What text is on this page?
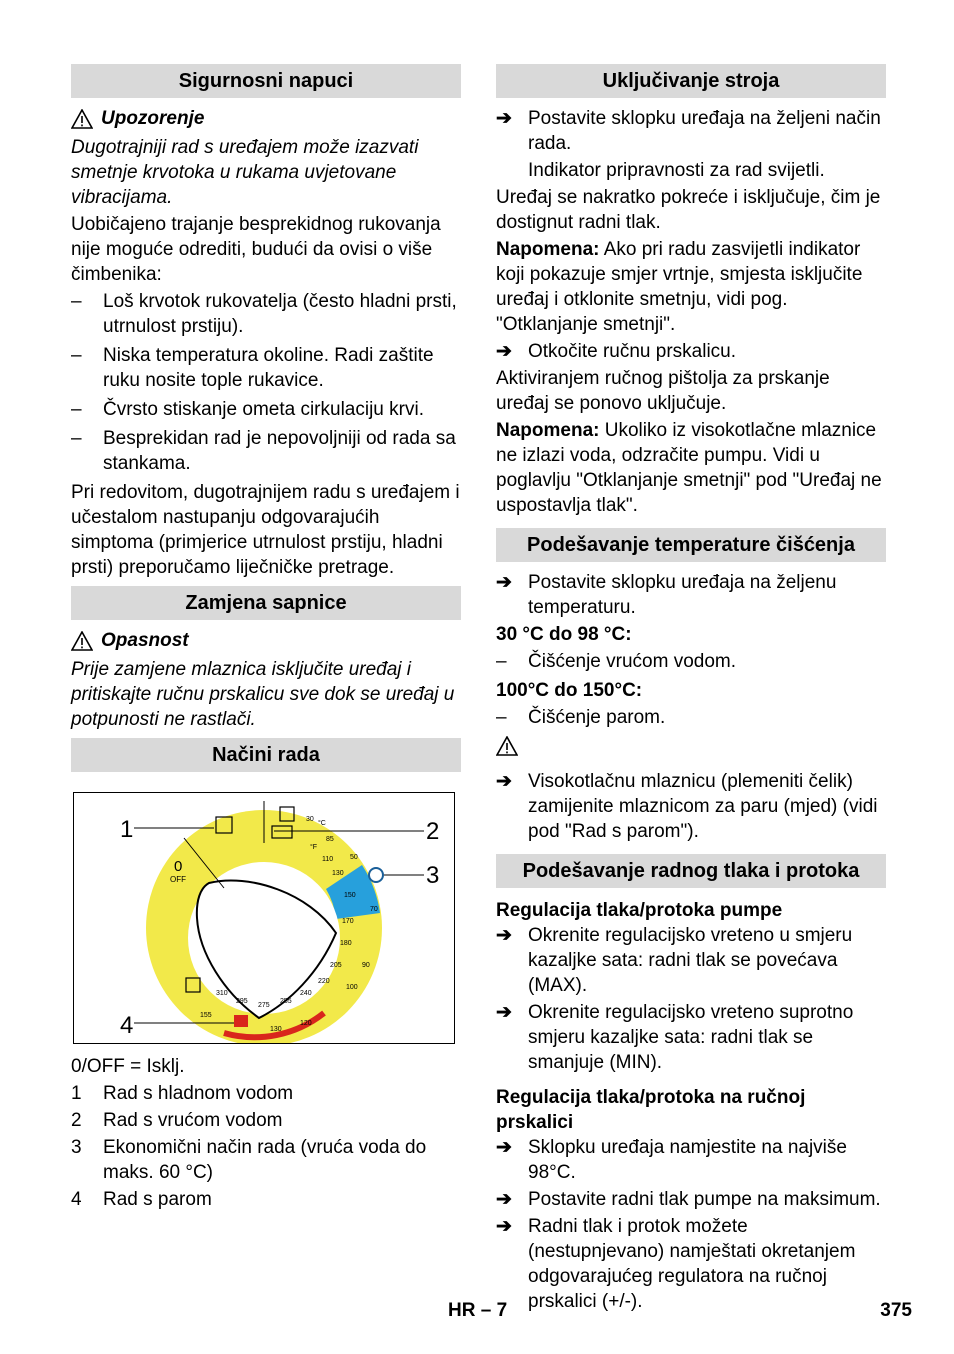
Sigurnosni napuci
Upozorenje

Dugotrajniji rad s uređajem može izazvati smetnje krvotoka u rukama uvjetovane vibracijama.

Uobičajeno trajanje besprekidnog rukovanja nije moguće odrediti, budući da ovisi o više čimbenika:

–	Loš krvotok rukovatelja (često hladni prsti, utrnulost prstiju).
–	Niska temperatura okoline. Radi zaštite ruku nosite tople rukavice.
–	Čvrsto stiskanje ometa cirkulaciju krvi.
–	Besprekidan rad je nepovoljniji od rada sa stankama.

Pri redovitom, dugotrajnijem radu s uređajem i učestalom nastupanju odgovarajućih simptoma (primjerice utrnulost prstiju, hladni prsti) preporučamo liječničke pretrage.

Zamjena sapnice
Opasnost

Prije zamjene mlaznica isključite uređaj i pritiskajte ručnu prskalicu sve dok se uređaj u potpunosti ne rastlači.

Načini rada
1	2
3
4
0
OFF
30
50
70
90
100
120
130
85
110
130
150
170
180
205
220
240
255
275
295
310
155
°C
°F

0/OFF = Isklj.

1	Rad s hladnom vodom
2	Rad s vrućom vodom
3	Ekonomični način rada (vruća voda do maks. 60 °C)
4	Rad s parom
Uključivanje stroja
➔ Postavite sklopku uređaja na željeni način rada.

Indikator pripravnosti za rad svijetli.

Uređaj se nakratko pokreće i isključuje, čim je dostignut radni tlak.

Napomena: Ako pri radu zasvijetli indikator koji pokazuje smjer vrtnje, smjesta isključite uređaj i otklonite smetnju, vidi pog. "Otklanjanje smetnji".

➔ Otkočite ručnu prskalicu.

Aktiviranjem ručnog pištolja za prskanje uređaj se ponovo uključuje.

Napomena: Ukoliko iz visokotlačne mlaznice ne izlazi voda, odzračite pumpu. Vidi u poglavlju "Otklanjanje smetnji" pod "Uređaj ne uspostavlja tlak".

Podešavanje temperature čišćenja
➔ Postavite sklopku uređaja na željenu temperaturu.

30 °C do 98 °C:

–	Čišćenje vrućom vodom.

100°C do 150°C:

–	Čišćenje parom.
➔ Visokotlačnu mlaznicu (plemeniti čelik) zamijenite mlaznicom za paru (mjed) (vidi pod "Rad s parom").
Podešavanje radnog tlaka i protoka

Regulacija tlaka/protoka pumpe

➔ Okrenite regulacijsko vreteno u smjeru kazaljke sata: radni tlak se povećava (MAX).
➔ Okrenite regulacijsko vreteno suprotno smjeru kazaljke sata: radni tlak se smanjuje (MIN).

Regulacija tlaka/protoka na ručnoj prskalici

➔ Sklopku uređaja namjestite na najviše 98°C.
➔ Postavite radni tlak pumpe na maksimum.
➔ Radni tlak i protok možete (nestupnjevano) namještati okretanjem odgovarajućeg regulatora na ručnoj prskalici (+/-).
HR – 7	375
